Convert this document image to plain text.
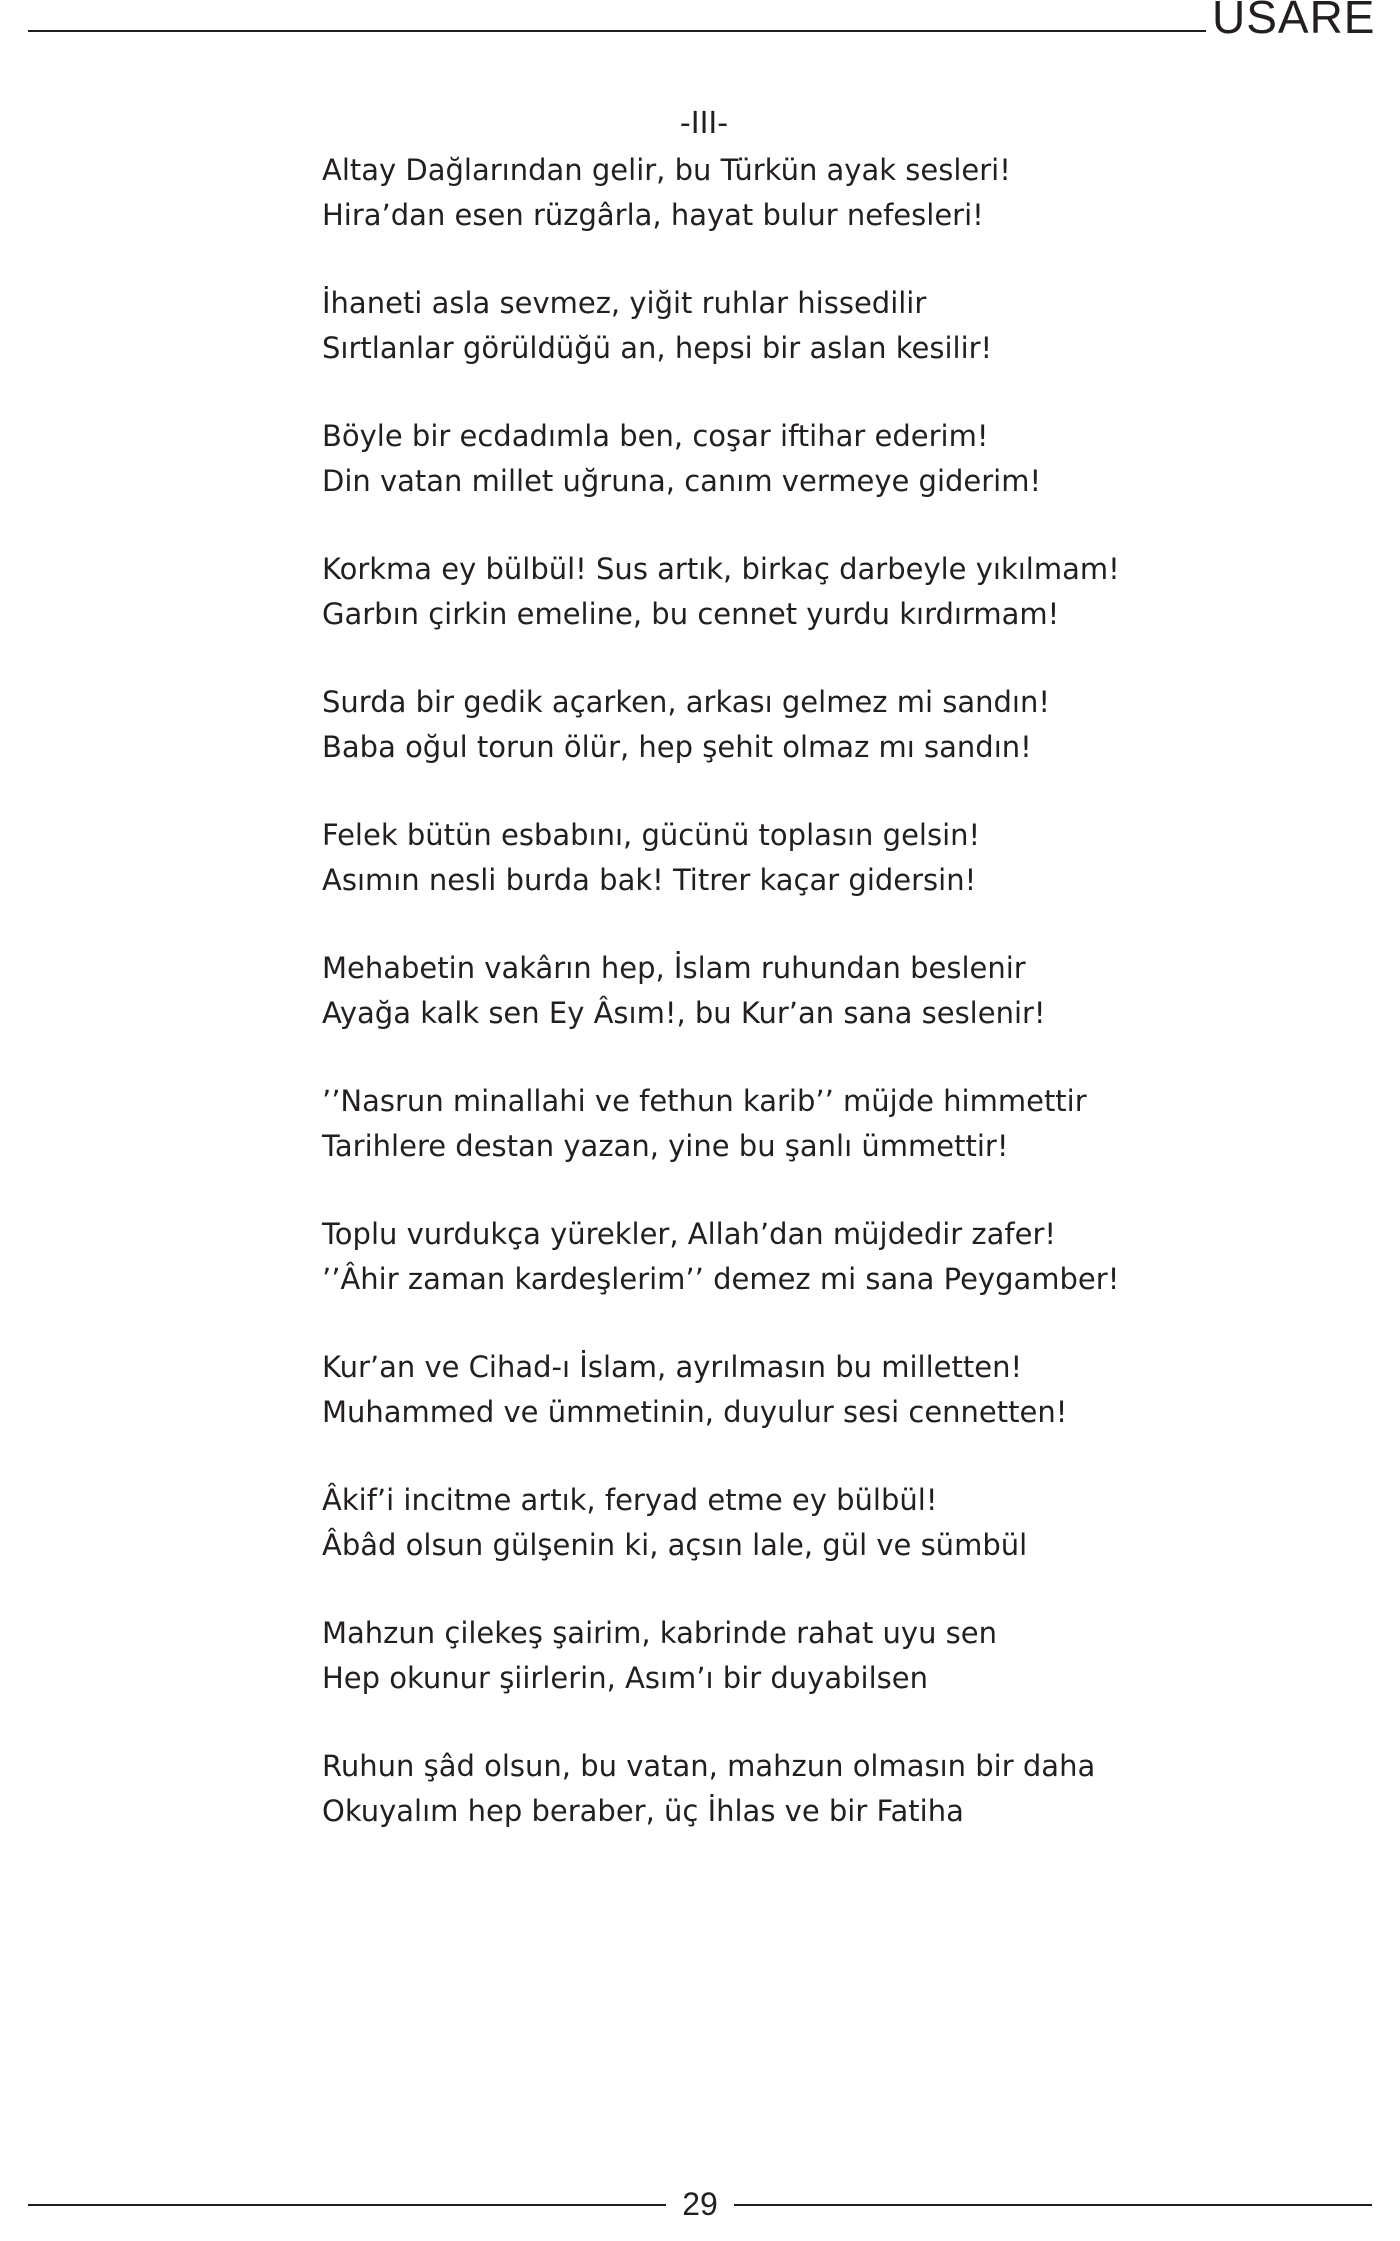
USARE
-III-
Altay Dağlarından gelir, bu Türkün ayak sesleri!
Hira’dan esen rüzgârla, hayat bulur nefesleri!
İhaneti asla sevmez, yiğit ruhlar hissedilir
Sırtlanlar görüldüğü an, hepsi bir aslan kesilir!
Böyle bir ecdadımla ben, coşar iftihar ederim!
Din vatan millet uğruna, canım vermeye giderim!
Korkma ey bülbül! Sus artık, birkaç darbeyle yıkılmam!
Garbın çirkin emeline, bu cennet yurdu kırdırmam!
Surda bir gedik açarken, arkası gelmez mi sandın!
Baba oğul torun ölür, hep şehit olmaz mı sandın!
Felek bütün esbabını, gücünü toplasın gelsin!
Asımın nesli burda bak! Titrer kaçar gidersin!
Mehabetin vakârın hep, İslam ruhundan beslenir
Ayağa kalk sen Ey Âsım!, bu Kur’an sana seslenir!
’’Nasrun minallahi ve fethun karib’’ müjde himmettir
Tarihlere destan yazan, yine bu şanlı ümmettir!
Toplu vurdukça yürekler, Allah’dan müjdedir zafer!
’’Âhir zaman kardeşlerim’’ demez mi sana Peygamber!
Kur’an ve Cihad-ı İslam, ayrılmasın bu milletten!
Muhammed ve ümmetinin, duyulur sesi cennetten!
Âkif’i incitme artık, feryad etme ey bülbül!
Âbâd olsun gülşenin ki, açsın lale, gül ve sümbül
Mahzun çilekeş şairim, kabrinde rahat uyu sen
Hep okunur şiirlerin, Asım’ı bir duyabilsen
Ruhun şâd olsun, bu vatan, mahzun olmasın bir daha
Okuyalım hep beraber, üç İhlas ve bir Fatiha
29
